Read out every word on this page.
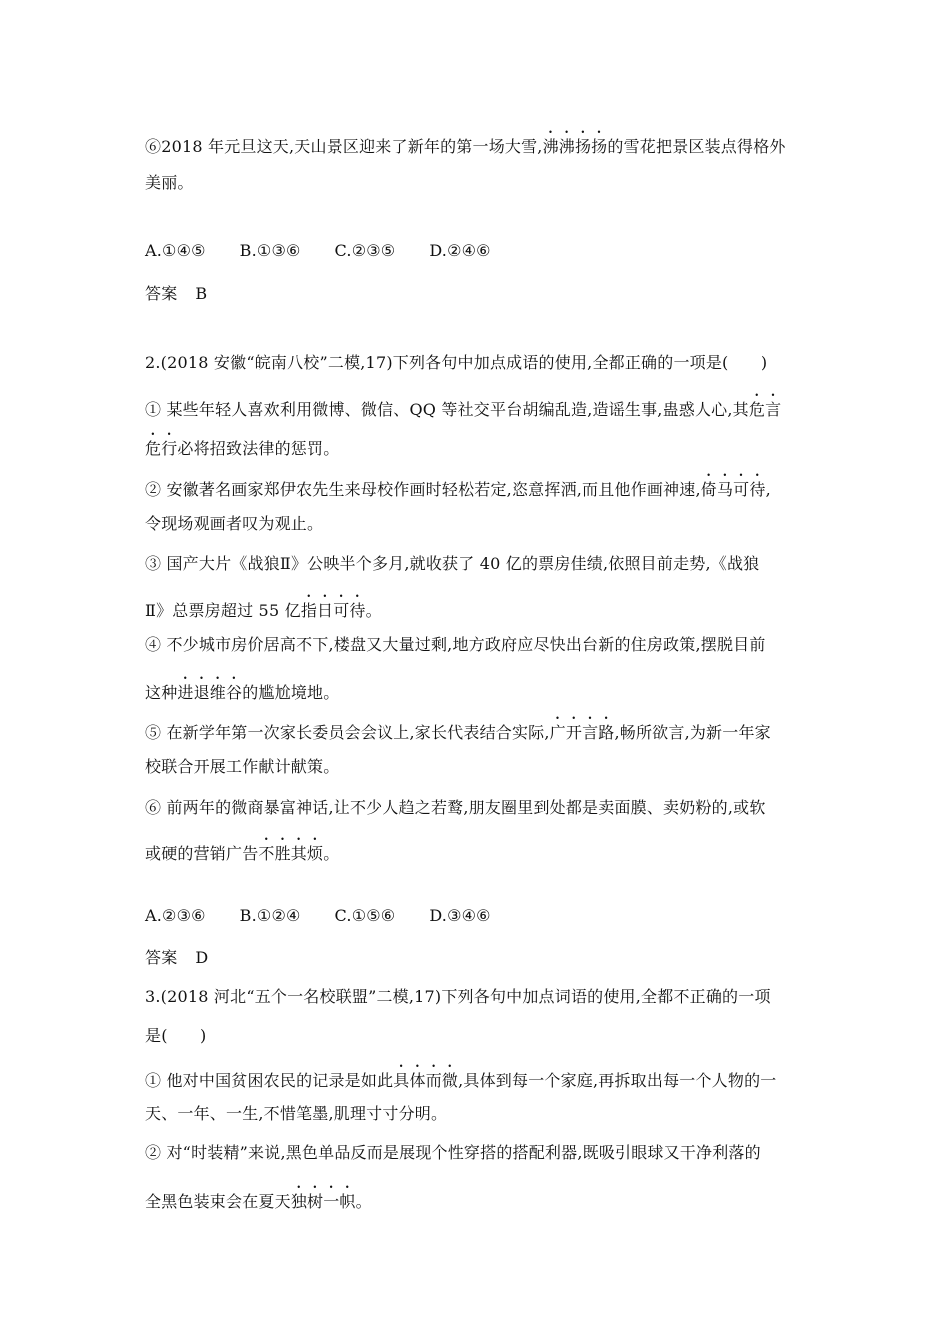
⑥2018 年元旦这天,天山景区迎来了新年的第一场大雪,沸沸扬扬的雪花把景区装点得格外
美丽。
A.①④⑤ B.①③⑥ C.②③⑤ D.②④⑥
答案 B
2.(2018 安徽“皖南八校”二模,17)下列各句中加点成语的使用,全都正确的一项是(　　)
① 某些年轻人喜欢利用微博、微信、QQ 等社交平台胡编乱造,造谣生事,蛊惑人心,其危言
危行必将招致法律的惩罚。
② 安徽著名画家郑伊农先生来母校作画时轻松若定,恣意挥洒,而且他作画神速,倚马可待,
令现场观画者叹为观止。
③ 国产大片《战狼Ⅱ》公映半个多月,就收获了 40 亿的票房佳绩,依照目前走势,《战狼
Ⅱ》总票房超过 55 亿指日可待。
④ 不少城市房价居高不下,楼盘又大量过剩,地方政府应尽快出台新的住房政策,摆脱目前
这种进退维谷的尴尬境地。
⑤ 在新学年第一次家长委员会会议上,家长代表结合实际,广开言路,畅所欲言,为新一年家
校联合开展工作献计献策。
⑥ 前两年的微商暴富神话,让不少人趋之若鹜,朋友圈里到处都是卖面膜、卖奶粉的,或软
或硬的营销广告不胜其烦。
A.②③⑥ B.①②④ C.①⑤⑥ D.③④⑥
答案 D
3.(2018 河北“五个一名校联盟”二模,17)下列各句中加点词语的使用,全都不正确的一项
是(　　)
① 他对中国贫困农民的记录是如此具体而微,具体到每一个家庭,再拆取出每一个人物的一
天、一年、一生,不惜笔墨,肌理寸寸分明。
② 对“时装精”来说,黑色单品反而是展现个性穿搭的搭配利器,既吸引眼球又干净利落的
全黑色装束会在夏天独树一帜。
